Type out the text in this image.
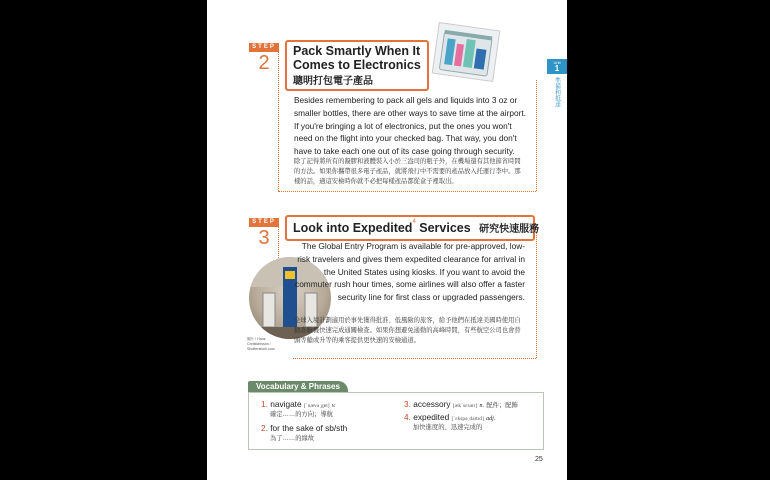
Unit
1
準備和抵達
STEP
2
Pack Smartly When It
Comes to Electronics
聰明打包電子產品
Besides remembering to pack all gels and liquids into 3 oz or smaller bottles, there are other ways to save time at the airport. If you're bringing a lot of electronics, put the ones you won't need on the flight into your checked bag. That way, you don't have to take each one out of its case going through security.
除了記得將所有的凝膠和液體裝入小於三盎司的瓶子外，在機場還有其他節省時間的方法。如果你攜帶很多電子產品，就將飛行中不需要的產品放入托運行李中。那樣的話，過這安檢時你就不必把每樣產品都從盒子裡取出。
STEP
3	Look into Expedited$^4$ Services 研究快速服務
圖片 / Hans Christiansson / Shutterstock.com
The Global Entry Program is available for pre-approved, low-risk travelers and gives them expedited clearance for arrival in the United States using kiosks. If you want to avoid the commuter rush hour times, some airlines will also offer a faster security line for first class or upgraded passengers.
全球入境計劃適用於事先獲得批准、低風險的旅客，給予他們在抵達美國時使用自動查驗機快速完成通關檢查。如果你想避免通勤的高峰時間，有些航空公司也會替頭等艙或升等的乘客提供更快速的安檢通道。
Vocabulary & Phrases
1. navigate [ˈnævə͵get] v.
確定……的方向；導航
2. for the sake of sb/sth
為了……的緣故
3. accessory [ækˈsɛsərɪ] n. 配件；配飾
4. expedited [ˈɛkspə͵daɪtɪd] adj.
加快進度的、迅速完成的
25
